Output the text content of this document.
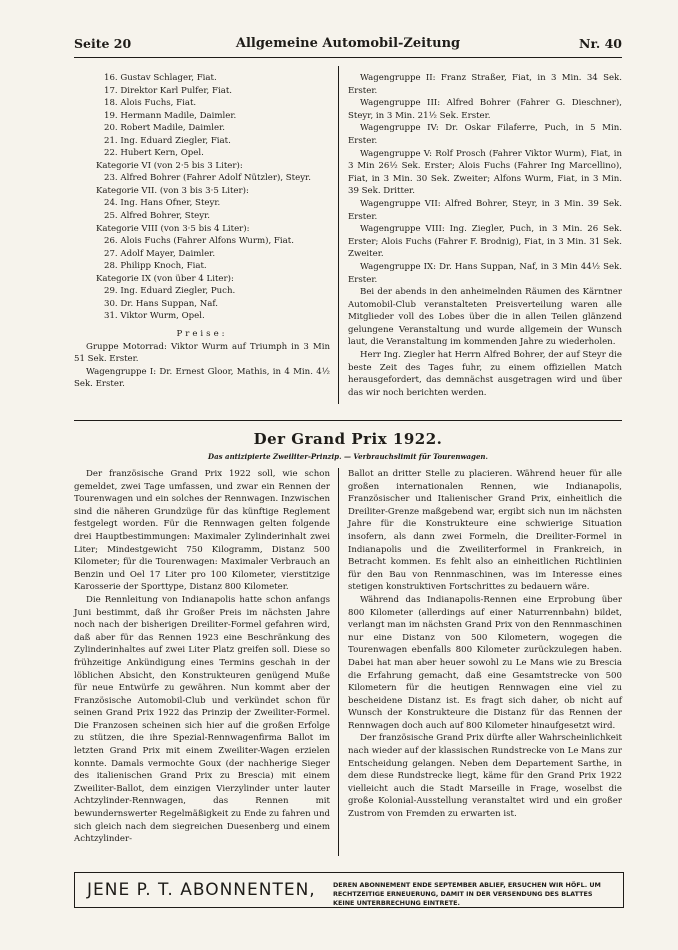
Seite 20	Allgemeine Automobil-Zeitung	Nr. 40
16. Gustav Schlager, Fiat.
17. Direktor Karl Pulfer, Fiat.
18. Alois Fuchs, Fiat.
19. Hermann Madile, Daimler.
20. Robert Madile, Daimler.
21. Ing. Eduard Ziegler, Fiat.
22. Hubert Kern, Opel.
Kategorie VI (von 2·5 bis 3 Liter):
23. Alfred Bohrer (Fahrer Adolf Nützler), Steyr.
Kategorie VII. (von 3 bis 3·5 Liter):
24. Ing. Hans Ofner, Steyr.
25. Alfred Bohrer, Steyr.
Kategorie VIII (von 3·5 bis 4 Liter):
26. Alois Fuchs (Fahrer Alfons Wurm), Fiat.
27. Adolf Mayer, Daimler.
28. Philipp Knoch, Fiat.
Kategorie IX (von über 4 Liter):
29. Ing. Eduard Ziegler, Puch.
30. Dr. Hans Suppan, Naf.
31. Viktor Wurm, Opel.
Preise:

Gruppe Motorrad: Viktor Wurm auf Triumph in 3 Min 51 Sek. Erster.

Wagengruppe I: Dr. Ernest Gloor, Mathis, in 4 Min. 4½ Sek. Erster.

Wagengruppe II: Franz Straßer, Fiat, in 3 Min. 34 Sek. Erster.

Wagengruppe III: Alfred Bohrer (Fahrer G. Dieschner), Steyr, in 3 Min. 21½ Sek. Erster.

Wagengruppe IV: Dr. Oskar Filaferre, Puch, in 5 Min. Erster.

Wagengruppe V: Rolf Prosch (Fahrer Viktor Wurm), Fiat, in 3 Min 26½ Sek. Erster; Alois Fuchs (Fahrer Ing Marcellino), Fiat, in 3 Min. 30 Sek. Zweiter; Alfons Wurm, Fiat, in 3 Min. 39 Sek. Dritter.

Wagengruppe VII: Alfred Bohrer, Steyr, in 3 Min. 39 Sek. Erster.

Wagengruppe VIII: Ing. Ziegler, Puch, in 3 Min. 26 Sek. Erster; Alois Fuchs (Fahrer F. Brodnig), Fiat, in 3 Min. 31 Sek. Zweiter.

Wagengruppe IX: Dr. Hans Suppan, Naf, in 3 Min 44½ Sek. Erster.

Bei der abends in den anheimelnden Räumen des Kärntner Automobil-Club veranstalteten Preisverteilung waren alle Mitglieder voll des Lobes über die in allen Teilen glänzend gelungene Veranstaltung und wurde allgemein der Wunsch laut, die Veranstaltung im kommenden Jahre zu wiederholen.

Herr Ing. Ziegler hat Herrn Alfred Bohrer, der auf Steyr die beste Zeit des Tages fuhr, zu einem offiziellen Match herausgefordert, das demnächst ausgetragen wird und über das wir noch berichten werden.

Der Grand Prix 1922.
Das antizipierte Zweiliter-Prinzip. — Verbrauchslimit für Tourenwagen.

Der französische Grand Prix 1922 soll, wie schon gemeldet, zwei Tage umfassen, und zwar ein Rennen der Tourenwagen und ein solches der Rennwagen. Inzwischen sind die näheren Grundzüge für das künftige Reglement festgelegt worden. Für die Rennwagen gelten folgende drei Hauptbestimmungen: Maximaler Zylinderinhalt zwei Liter; Mindestgewicht 750 Kilogramm, Distanz 500 Kilometer; für die Tourenwagen: Maximaler Verbrauch an Benzin und Oel 17 Liter pro 100 Kilometer, vierstitzige Karosserie der Sporttype, Distanz 800 Kilometer.

Die Rennleitung von Indianapolis hatte schon anfangs Juni bestimmt, daß ihr Großer Preis im nächsten Jahre noch nach der bisherigen Dreiliter-Formel gefahren wird, daß aber für das Rennen 1923 eine Beschränkung des Zylinderinhaltes auf zwei Liter Platz greifen soll. Diese so frühzeitige Ankündigung eines Termins geschah in der löblichen Absicht, den Konstrukteuren genügend Muße für neue Entwürfe zu gewähren. Nun kommt aber der Französische Automobil-Club und verkündet schon für seinen Grand Prix 1922 das Prinzip der Zweiliter-Formel. Die Franzosen scheinen sich hier auf die großen Erfolge zu stützen, die ihre Spezial-Rennwagenfirma Ballot im letzten Grand Prix mit einem Zweiliter-Wagen erzielen konnte. Damals vermochte Goux (der nachherige Sieger des italienischen Grand Prix zu Brescia) mit einem Zweiliter-Ballot, dem einzigen Vierzylinder unter lauter Achtzylinder-Rennwagen, das Rennen mit bewundernswerter Regelmäßigkeit zu Ende zu fahren und sich gleich nach dem siegreichen Duesenberg und einem Achtzylinder-

Ballot an dritter Stelle zu placieren. Während heuer für alle großen internationalen Rennen, wie Indianapolis, Französischer und Italienischer Grand Prix, einheitlich die Dreiliter-Grenze maßgebend war, ergibt sich nun im nächsten Jahre für die Konstrukteure eine schwierige Situation insofern, als dann zwei Formeln, die Dreiliter-Formel in Indianapolis und die Zweiliterformel in Frankreich, in Betracht kommen. Es fehlt also an einheitlichen Richtlinien für den Bau von Rennmaschinen, was im Interesse eines stetigen konstruktiven Fortschrittes zu bedauern wäre.

Während das Indianapolis-Rennen eine Erprobung über 800 Kilometer (allerdings auf einer Naturrennbahn) bildet, verlangt man im nächsten Grand Prix von den Rennmaschinen nur eine Distanz von 500 Kilometern, wogegen die Tourenwagen ebenfalls 800 Kilometer zurückzulegen haben. Dabei hat man aber heuer sowohl zu Le Mans wie zu Brescia die Erfahrung gemacht, daß eine Gesamtstrecke von 500 Kilometern für die heutigen Rennwagen eine viel zu bescheidene Distanz ist. Es fragt sich daher, ob nicht auf Wunsch der Konstrukteure die Distanz für das Rennen der Rennwagen doch auch auf 800 Kilometer hinaufgesetzt wird.

Der französische Grand Prix dürfte aller Wahrscheinlichkeit nach wieder auf der klassischen Rundstrecke von Le Mans zur Entscheidung gelangen. Neben dem Departement Sarthe, in dem diese Rundstrecke liegt, käme für den Grand Prix 1922 vielleicht auch die Stadt Marseille in Frage, woselbst die große Kolonial-Ausstellung veranstaltet wird und ein großer Zustrom von Fremden zu erwarten ist.

JENE P. T. ABONNENTEN,	DEREN ABONNEMENT ENDE SEPTEMBER ABLIEF, ERSUCHEN WIR HÖFL. UM RECHTZEITIGE ERNEUERUNG, DAMIT IN DER VERSENDUNG DES BLATTES KEINE UNTERBRECHUNG EINTRETE.
